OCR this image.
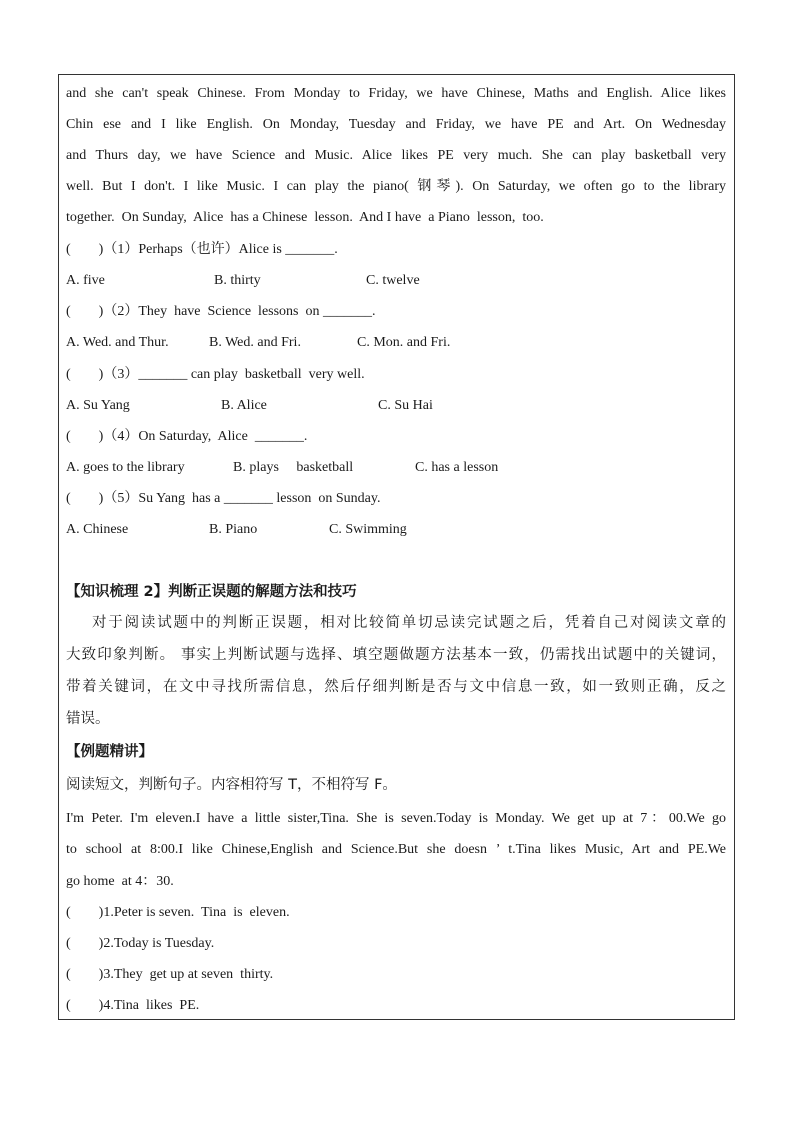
and she can't speak Chinese. From Monday to Friday, we have Chinese, Maths and English. Alice likes
Chin ese and I like English. On Monday, Tuesday and Friday, we have PE and Art. On Wednesday
and Thurs day, we have Science and Music. Alice likes PE very much. She can play basketball very
well. But I don't. I like Music. I can play the piano( 钢琴). On Saturday, we often go to the library
together.  On Sunday,  Alice  has a Chinese  lesson.  And I have  a Piano  lesson,  too.
(        )（1）Perhaps（也许）Alice is _______.
A. five	B. thirty	C. twelve
(        )（2）They  have  Science  lessons  on _______.
A. Wed. and Thur.	B. Wed. and Fri.	C. Mon. and Fri.
(        )（3）_______ can play  basketball  very well.
A. Su Yang	B. Alice	C. Su Hai
(        )（4）On Saturday,  Alice  _______.
A. goes to the library	B. plays     basketball	C. has a lesson
(        )（5）Su Yang  has a _______ lesson  on Sunday.
A. Chinese	B. Piano	C. Swimming
【知识梳理 2】判断正误题的解题方法和技巧
对于阅读试题中的判断正误题，相对比较简单切忌读完试题之后，凭着自己对阅读文章的
大致印象判断。 事实上判断试题与选择、填空题做题方法基本一致，仍需找出试题中的关键词，
带着关键词，在文中寻找所需信息，然后仔细判断是否与文中信息一致，如一致则正确，反之
错误。
【例题精讲】
阅读短文，判断句子。内容相符写 T，不相符写 F。
I'm Peter. I'm eleven.I have a little sister,Tina. She is seven.Today is Monday. We get up at 7：00.We go
to school at 8:00.I like Chinese,English and Science.But she doesn ’ t.Tina likes Music, Art and PE.We
go home  at 4：30.
(        )1.Peter is seven.  Tina  is  eleven.
(        )2.Today is Tuesday.
(        )3.They  get up at seven  thirty.
(        )4.Tina  likes  PE.
